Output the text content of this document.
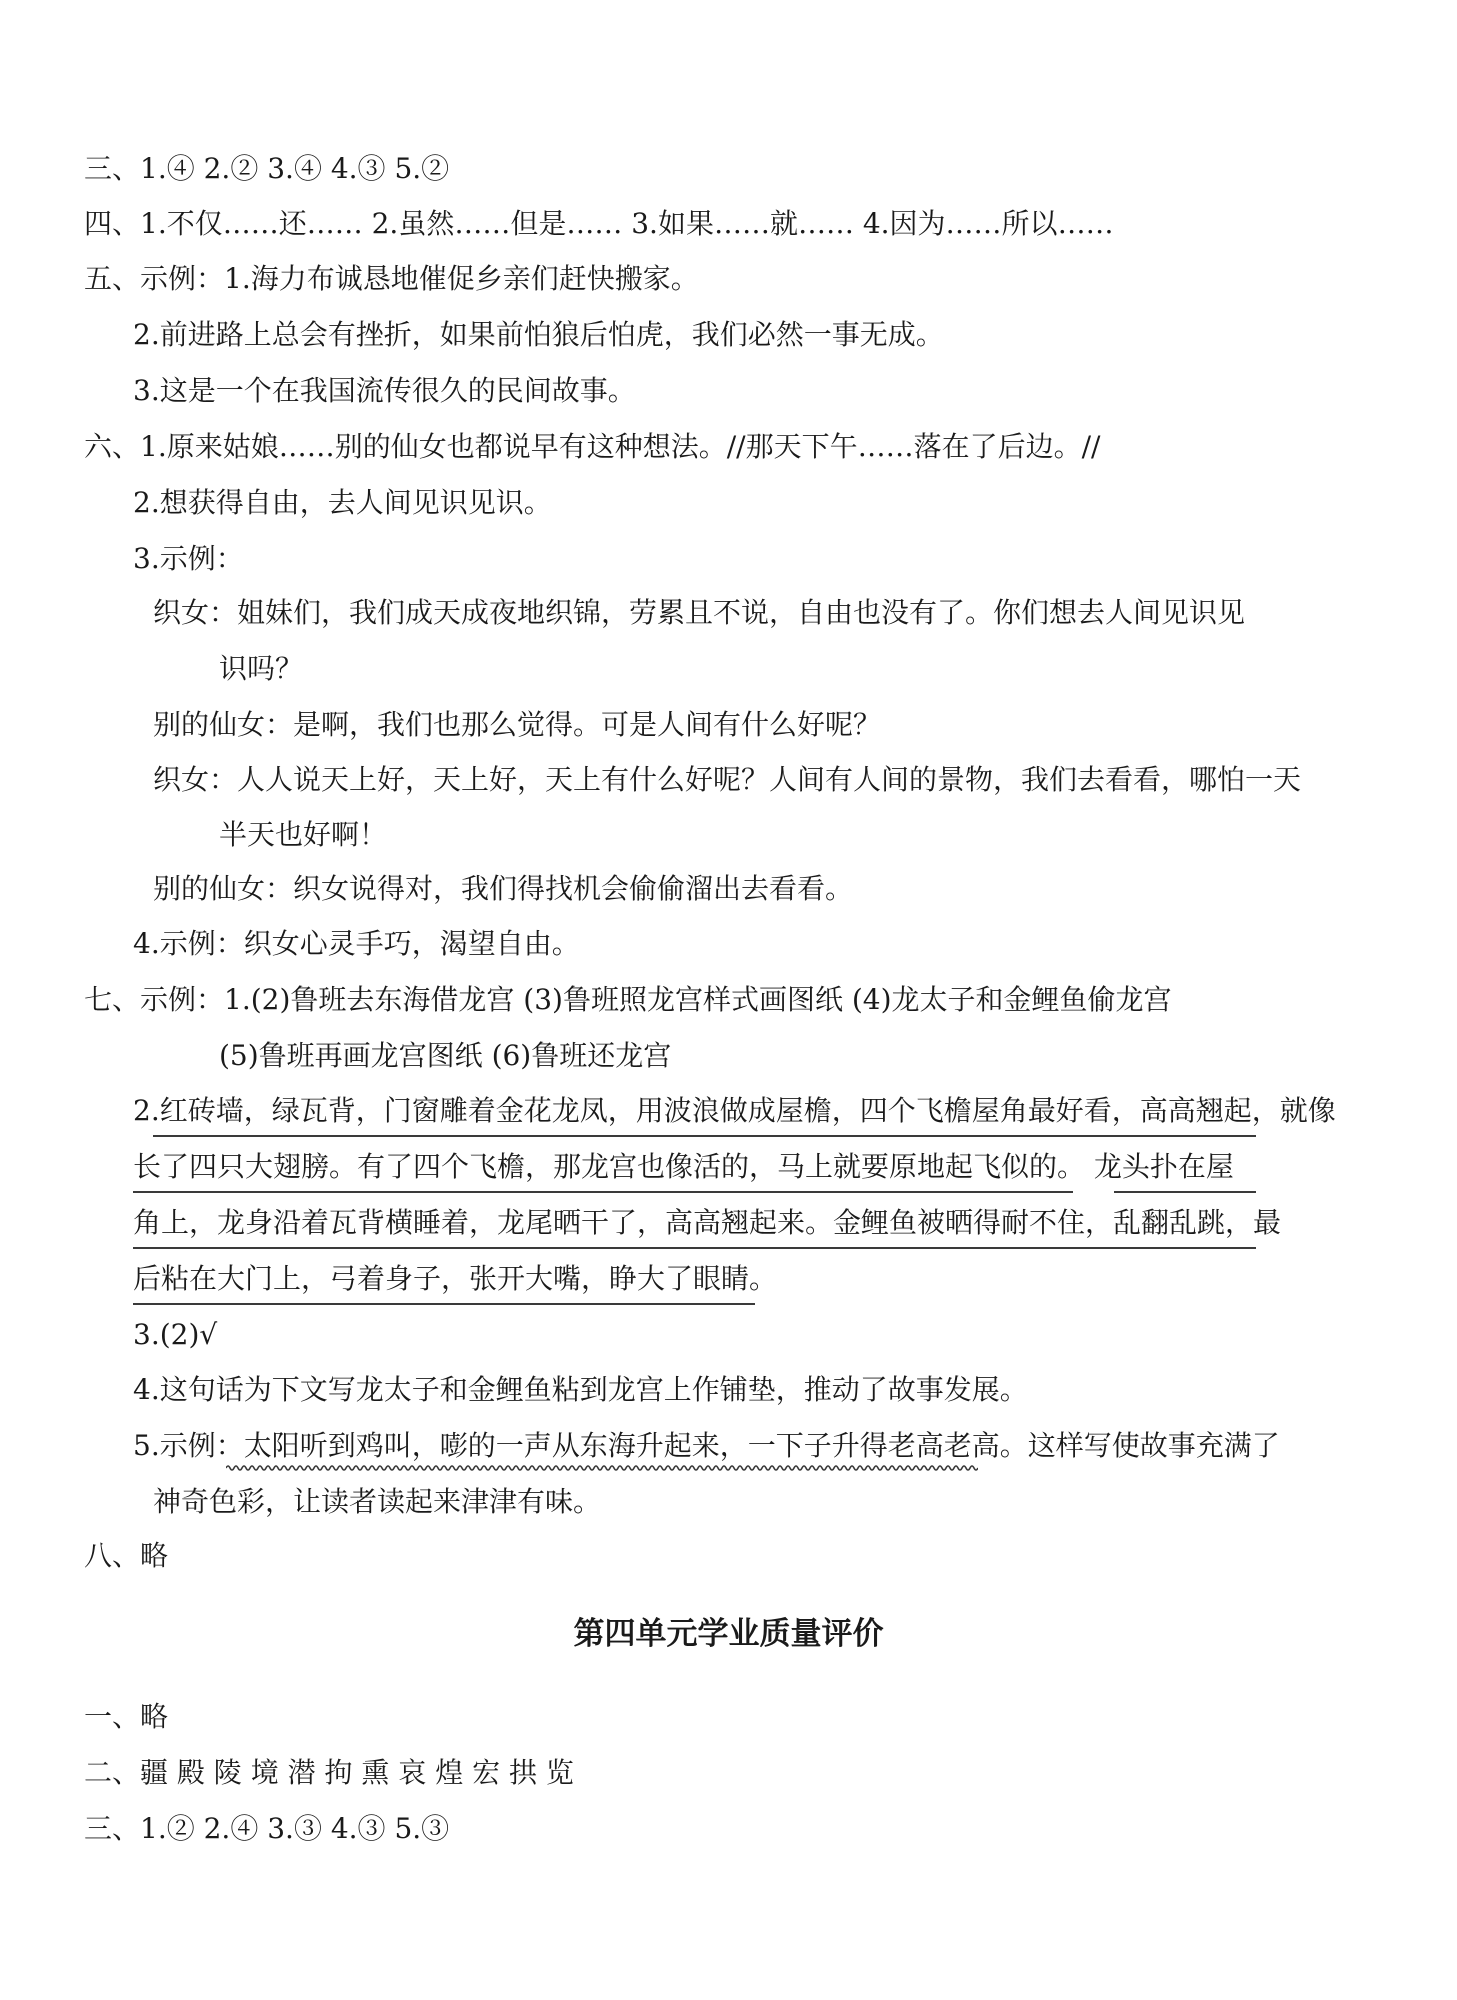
三、1.④ 2.② 3.④ 4.③ 5.②
四、1.不仅……还…… 2.虽然……但是…… 3.如果……就…… 4.因为……所以……
五、示例：1.海力布诚恳地催促乡亲们赶快搬家。
2.前进路上总会有挫折，如果前怕狼后怕虎，我们必然一事无成。
3.这是一个在我国流传很久的民间故事。
六、1.原来姑娘……别的仙女也都说早有这种想法。//那天下午……落在了后边。//
2.想获得自由，去人间见识见识。
3.示例：
织女：姐妹们，我们成天成夜地织锦，劳累且不说，自由也没有了。你们想去人间见识见
识吗？
别的仙女：是啊，我们也那么觉得。可是人间有什么好呢？
织女：人人说天上好，天上好，天上有什么好呢？人间有人间的景物，我们去看看，哪怕一天
半天也好啊！
别的仙女：织女说得对，我们得找机会偷偷溜出去看看。
4.示例：织女心灵手巧，渴望自由。
七、示例：1.(2)鲁班去东海借龙宫 (3)鲁班照龙宫样式画图纸 (4)龙太子和金鲤鱼偷龙宫
(5)鲁班再画龙宫图纸 (6)鲁班还龙宫
2.红砖墙，绿瓦背，门窗雕着金花龙凤，用波浪做成屋檐，四个飞檐屋角最好看，高高翘起，就像
长了四只大翅膀。有了四个飞檐，那龙宫也像活的，马上就要原地起飞似的。 龙头扑在屋
角上，龙身沿着瓦背横睡着，龙尾晒干了，高高翘起来。金鲤鱼被晒得耐不住，乱翻乱跳，最
后粘在大门上，弓着身子，张开大嘴，睁大了眼睛。
3.(2)√
4.这句话为下文写龙太子和金鲤鱼粘到龙宫上作铺垫，推动了故事发展。
5.示例：太阳听到鸡叫，嘭的一声从东海升起来，一下子升得老高老高。这样写使故事充满了
神奇色彩，让读者读起来津津有味。
八、略
第四单元学业质量评价
一、略
二、疆 殿 陵 境 潜 拘 熏 哀 煌 宏 拱 览
三、1.② 2.④ 3.③ 4.③ 5.③
